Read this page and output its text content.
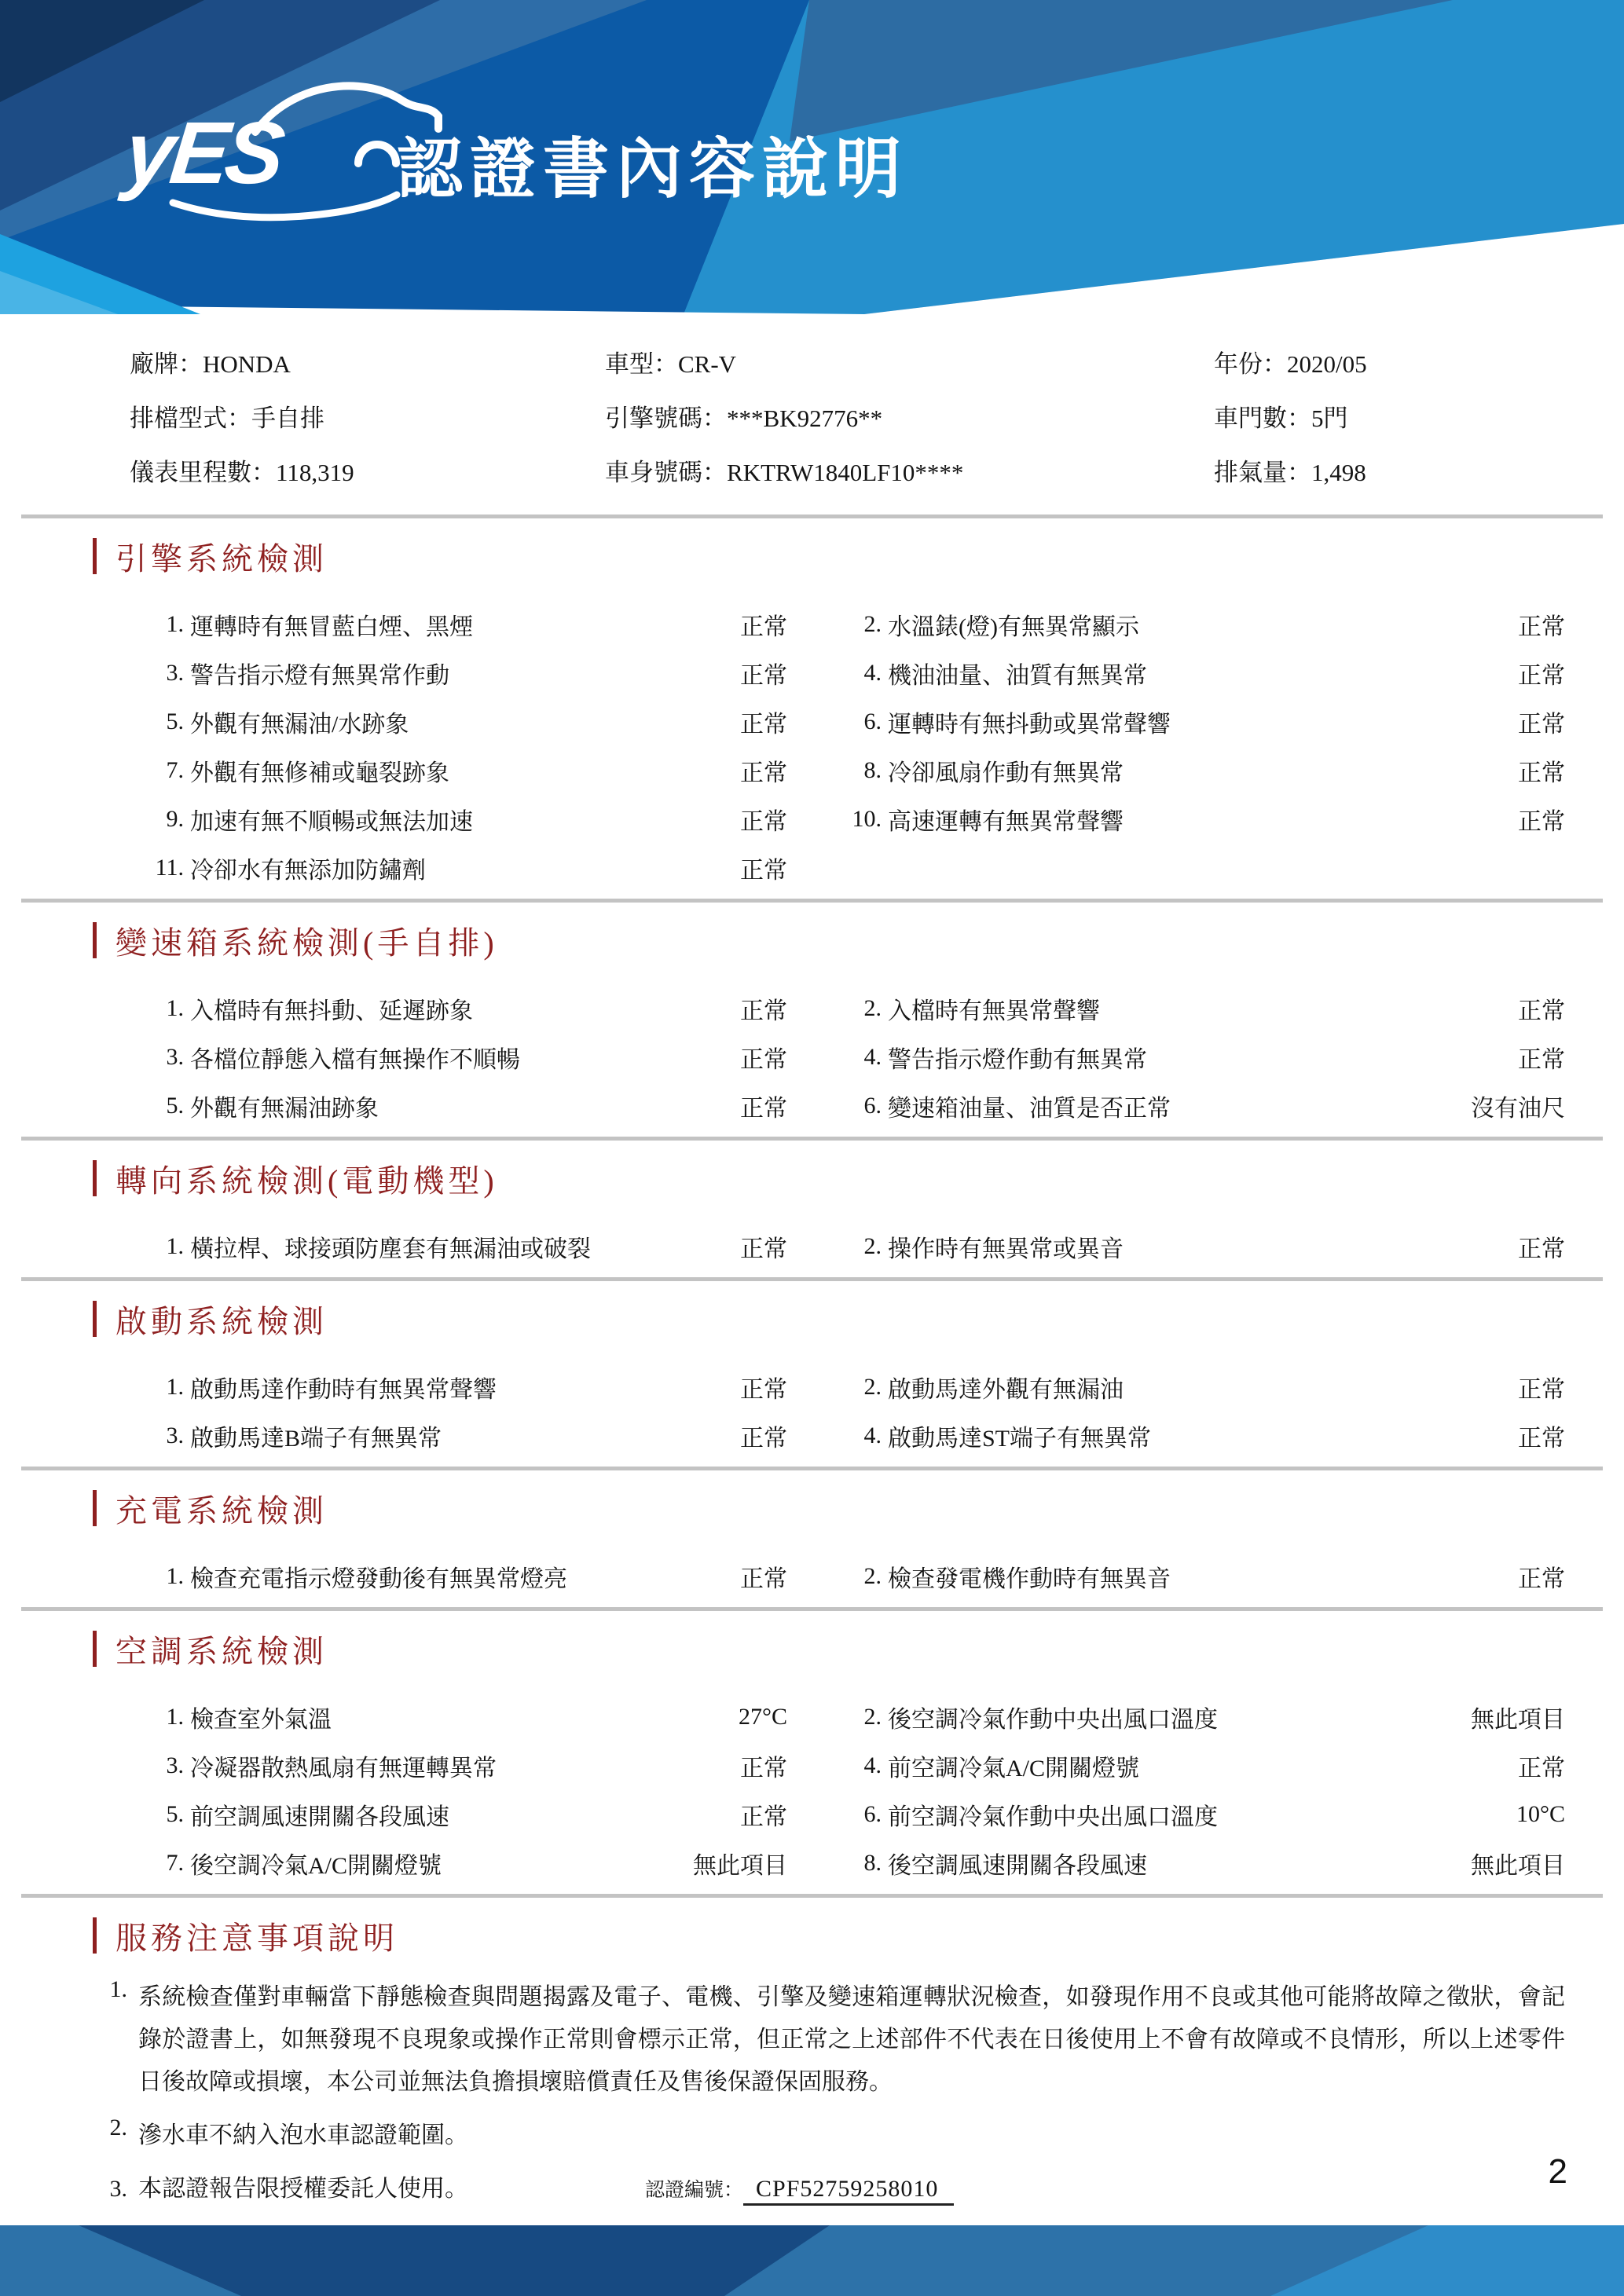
yES 認證書內容說明
廠牌：HONDA	車型：CR-V	年份：2020/05
排檔型式：手自排	引擎號碼：***BK92776**	車門數：5門
儀表里程數：118,319	車身號碼：RKTRW1840LF10****	排氣量：1,498
引擎系統檢測
1. 運轉時有無冒藍白煙、黑煙	正常	2. 水溫錶(燈)有無異常顯示	正常
3. 警告指示燈有無異常作動	正常	4. 機油油量、油質有無異常	正常
5. 外觀有無漏油/水跡象	正常	6. 運轉時有無抖動或異常聲響	正常
7. 外觀有無修補或龜裂跡象	正常	8. 冷卻風扇作動有無異常	正常
9. 加速有無不順暢或無法加速	正常	10. 高速運轉有無異常聲響	正常
11. 冷卻水有無添加防鏽劑	正常
變速箱系統檢測(手自排)
1. 入檔時有無抖動、延遲跡象	正常	2. 入檔時有無異常聲響	正常
3. 各檔位靜態入檔有無操作不順暢	正常	4. 警告指示燈作動有無異常	正常
5. 外觀有無漏油跡象	正常	6. 變速箱油量、油質是否正常	沒有油尺
轉向系統檢測(電動機型)
1. 橫拉桿、球接頭防塵套有無漏油或破裂	正常	2. 操作時有無異常或異音	正常
啟動系統檢測
1. 啟動馬達作動時有無異常聲響	正常	2. 啟動馬達外觀有無漏油	正常
3. 啟動馬達B端子有無異常	正常	4. 啟動馬達ST端子有無異常	正常
充電系統檢測
1. 檢查充電指示燈發動後有無異常燈亮	正常	2. 檢查發電機作動時有無異音	正常
空調系統檢測
1. 檢查室外氣溫	27°C	2. 後空調冷氣作動中央出風口溫度	無此項目
3. 冷凝器散熱風扇有無運轉異常	正常	4. 前空調冷氣A/C開關燈號	正常
5. 前空調風速開關各段風速	正常	6. 前空調冷氣作動中央出風口溫度	10°C
7. 後空調冷氣A/C開關燈號	無此項目	8. 後空調風速開關各段風速	無此項目
服務注意事項說明
1. 系統檢查僅對車輛當下靜態檢查與問題揭露及電子、電機、引擎及變速箱運轉狀況檢查，如發現作用不良或其他可能將故障之徵狀，會記錄於證書上，如無發現不良現象或操作正常則會標示正常，但正常之上述部件不代表在日後使用上不會有故障或不良情形，所以上述零件日後故障或損壞，本公司並無法負擔損壞賠償責任及售後保證保固服務。
2. 滲水車不納入泡水車認證範圍。
3. 本認證報告限授權委託人使用。	認證編號： CPF52759258010	2
